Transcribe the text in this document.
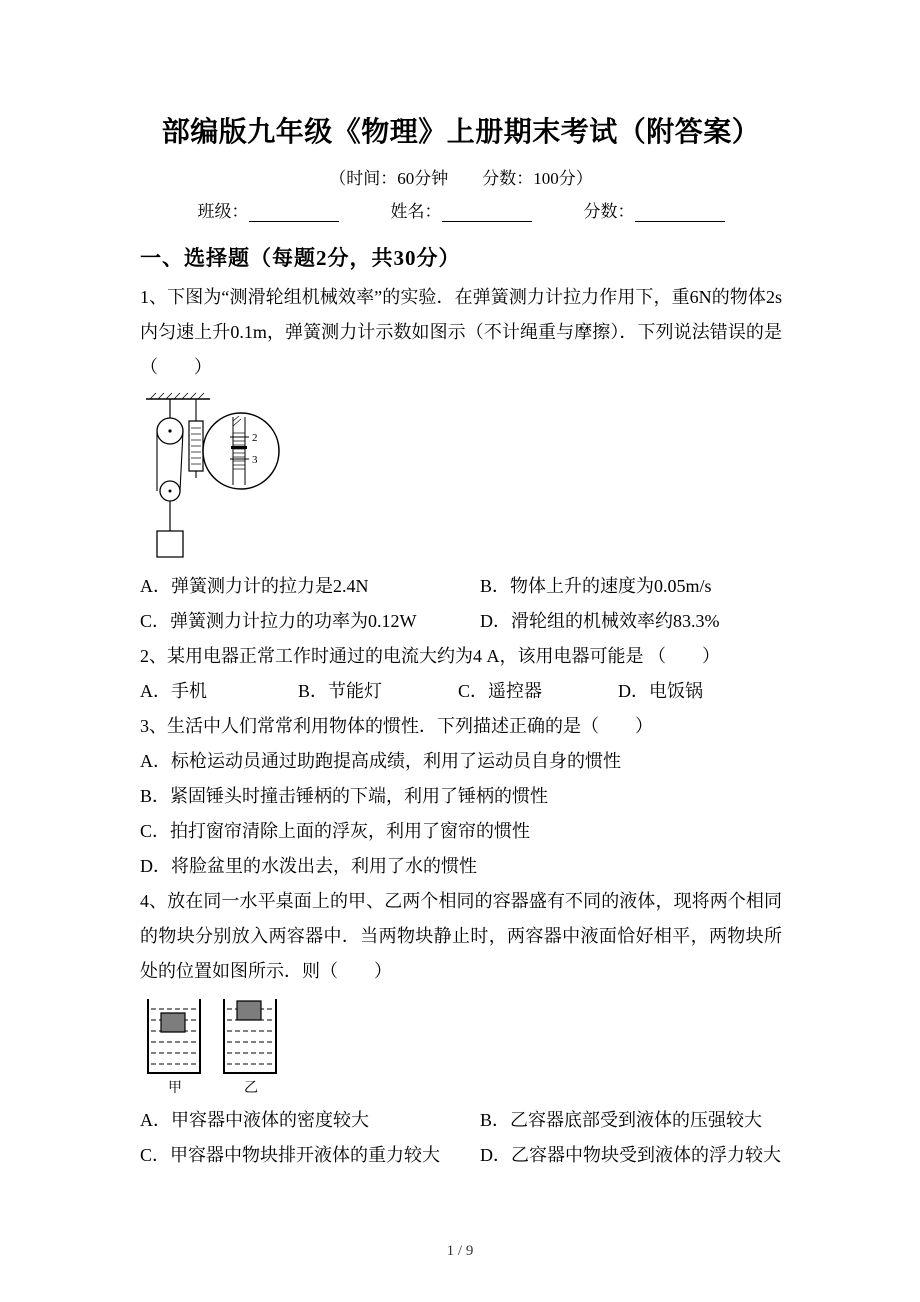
部编版九年级《物理》上册期末考试（附答案）

（时间：60分钟　　分数：100分）

班级：	姓名：	分数：
一、选择题（每题2分，共30分）

1、下图为“测滑轮组机械效率”的实验．在弹簧测力计拉力作用下，重6N的物体2s内匀速上升0.1m，弹簧测力计示数如图示（不计绳重与摩擦）．下列说法错误的是（　　）

2
3
A．弹簧测力计的拉力是2.4N	B．物体上升的速度为0.05m/s
C．弹簧测力计拉力的功率为0.12W	D．滑轮组的机械效率约83.3%

2、某用电器正常工作时通过的电流大约为4 A，该用电器可能是 （　　）

A．手机	B．节能灯	C．遥控器	D．电饭锅

3、生活中人们常常利用物体的惯性．下列描述正确的是（　　）

A．标枪运动员通过助跑提高成绩，利用了运动员自身的惯性
B．紧固锤头时撞击锤柄的下端，利用了锤柄的惯性
C．拍打窗帘清除上面的浮灰，利用了窗帘的惯性
D．将脸盆里的水泼出去，利用了水的惯性

4、放在同一水平桌面上的甲、乙两个相同的容器盛有不同的液体，现将两个相同的物块分别放入两容器中．当两物块静止时，两容器中液面恰好相平，两物块所处的位置如图所示．则（　　）

甲	乙
A．甲容器中液体的密度较大	B．乙容器底部受到液体的压强较大
C．甲容器中物块排开液体的重力较大	D．乙容器中物块受到液体的浮力较大
1 / 9
